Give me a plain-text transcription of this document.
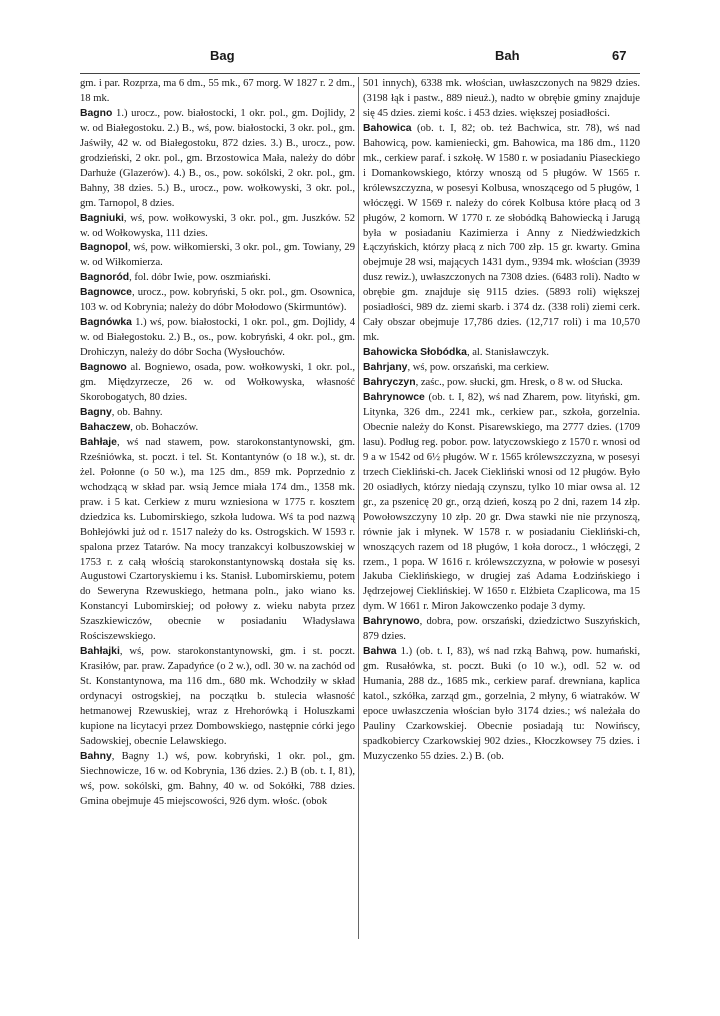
Bag	Bah	67

gm. i par. Rozprza, ma 6 dm., 55 mk., 67 morg. W 1827 r. 2 dm., 18 mk.

Bagno 1.) urocz., pow. białostocki, 1 okr. pol., gm. Dojlidy, 2 w. od Białegostoku. 2.) B., wś, pow. białostocki, 3 okr. pol., gm. Jaświły, 42 w. od Białegostoku, 872 dzies. 3.) B., urocz., pow. grodzieński, 2 okr. pol., gm. Brzostowica Mała, należy do dóbr Darhuże (Glazerów). 4.) B., os., pow. sokólski, 2 okr. pol., gm. Bahny, 38 dzies. 5.) B., urocz., pow. wołkowyski, 3 okr. pol., gm. Tarnopol, 8 dzies.

Bagniuki, wś, pow. wołkowyski, 3 okr. pol., gm. Juszków. 52 w. od Wołkowyska, 111 dzies.

Bagnopol, wś, pow. wiłkomierski, 3 okr. pol., gm. Towiany, 29 w. od Wiłkomierza.

Bagnoród, fol. dóbr Iwie, pow. oszmiański.

Bagnowce, urocz., pow. kobryński, 5 okr. pol., gm. Osownica, 103 w. od Kobrynia; należy do dóbr Mołodowo (Skirmuntów).

Bagnówka 1.) wś, pow. białostocki, 1 okr. pol., gm. Dojlidy, 4 w. od Białegostoku. 2.) B., os., pow. kobryński, 4 okr. pol., gm. Drohiczyn, należy do dóbr Socha (Wysłouchów.

Bagnowo al. Bogniewo, osada, pow. wołkowyski, 1 okr. pol., gm. Międzyrzecze, 26 w. od Wołkowyska, własność Skorobogatych, 80 dzies.

Bagny, ob. Bahny.

Bahaczew, ob. Bohaczów.

Bahłaje, wś nad stawem, pow. starokonstantynowski, gm. Rześniówka, st. poczt. i tel. St. Kontantynów (o 18 w.), st. dr. żel. Połonne (o 50 w.), ma 125 dm., 859 mk. Poprzednio z wchodzącą w skład par. wsią Jemce miała 174 dm., 1358 mk. praw. i 5 kat. Cerkiew z muru wzniesiona w 1775 r. kosztem dziedzica ks. Lubomirskiego, szkoła ludowa. Wś ta pod nazwą Bohłejówki już od r. 1517 należy do ks. Ostrogskich. W 1593 r. spalona przez Tatarów. Na mocy tranzakcyi kolbuszowskiej w 1753 r. z całą włością starokonstantynowską dostała się ks. Augustowi Czartoryskiemu i ks. Stanisł. Lubomirskiemu, potem do Seweryna Rzewuskiego, hetmana poln., jako wiano ks. Konstancyi Lubomirskiej; od połowy z. wieku nabyta przez Szaszkiewiczów, obecnie w posiadaniu Władysława Rościszewskiego.

Bahłajki, wś, pow. starokonstantynowski, gm. i st. poczt. Krasiłów, par. praw. Zapadyńce (o 2 w.), odl. 30 w. na zachód od St. Konstantynowa, ma 116 dm., 680 mk. Wchodziły w skład ordynacyi ostrogskiej, na początku b. stulecia własność hetmanowej Rzewuskiej, wraz z Hrehorówką i Holuszkami kupione na licytacyi przez Dombowskiego, następnie córki jego Sadowskiej, obecnie Lelawskiego.

Bahny, Bagny 1.) wś, pow. kobryński, 1 okr. pol., gm. Siechnowicze, 16 w. od Kobrynia, 136 dzies. 2.) B (ob. t. I, 81), wś, pow. sokólski, gm. Bahny, 40 w. od Sokółki, 788 dzies. Gmina obejmuje 45 miejscowości, 926 dym. włośc. (obok

501 innych), 6338 mk. włościan, uwłaszczonych na 9829 dzies. (3198 łąk i pastw., 889 nieuż.), nadto w obrębie gminy znajduje się 45 dzies. ziemi kośc. i 453 dzies. większej posiadłości.

Bahowica (ob. t. I, 82; ob. też Bachwica, str. 78), wś nad Bahowicą, pow. kamieniecki, gm. Bahowica, ma 186 dm., 1120 mk., cerkiew paraf. i szkołę. W 1580 r. w posiadaniu Piaseckiego i Domankowskiego, którzy wnoszą od 5 pługów. W 1565 r. królewszczyzna, w posesyi Kolbusa, wnoszącego od 5 pługów, 1 włóczęgi. W 1569 r. należy do córek Kolbusa które płacą od 3 pługów, 2 komorn. W 1770 r. ze słobódką Bahowiecką i Jarugą była w posiadaniu Kazimierza i Anny z Niedźwiedzkich Łączyńskich, którzy płacą z nich 700 złp. 15 gr. kwarty. Gmina obejmuje 28 wsi, mających 1431 dym., 9394 mk. włościan (3939 dusz rewiz.), uwłaszczonych na 7308 dzies. (6483 roli). Nadto w obrębie gm. znajduje się 9115 dzies. (5893 roli) większej posiadłości, 989 dz. ziemi skarb. i 374 dz. (338 roli) ziemi cerk. Cały obszar obejmuje 17,786 dzies. (12,717 roli) i ma 10,570 mk.

Bahowicka Słobódka, al. Stanisławczyk.

Bahrjany, wś, pow. orszański, ma cerkiew.

Bahryczyn, zaśc., pow. słucki, gm. Hresk, o 8 w. od Słucka.

Bahrynowce (ob. t. I, 82), wś nad Zharem, pow. lityński, gm. Litynka, 326 dm., 2241 mk., cerkiew par., szkoła, gorzelnia. Obecnie należy do Konst. Pisarewskiego, ma 2777 dzies. (1709 lasu). Podług reg. pobor. pow. latyczowskiego z 1570 r. wnosi od 9 a w 1542 od 6½ pługów. W r. 1565 królewszczyzna, w posesyi trzech Ciekliński-ch. Jacek Cieklińskі wnosi od 12 pługów. Było 20 osiadłych, którzy niedają czynszu, tylko 10 miar owsa al. 12 gr., za pszenicę 20 gr., orzą dzień, koszą po 2 dni, razem 14 złp. Powołowszczyny 10 złp. 20 gr. Dwa stawki nie nie przynoszą, równie jak i młynek. W 1578 r. w posiadaniu Ciekliński-ch, wnoszących razem od 18 pługów, 1 koła dorocz., 1 włóczęgi, 2 rzem., 1 popa. W 1616 r. królewszczyzna, w połowie w posesyi Jakuba Cieklińskiego, w drugiej zaś Adama Łodzińskiego i Jędrzejowej Cieklińskiej. W 1650 r. Elżbieta Czaplicowa, ma 15 dym. W 1661 r. Miron Jakowczenko podaje 3 dymy.

Bahrynowo, dobra, pow. orszański, dziedzictwo Suszyńskich, 879 dzies.

Bahwa 1.) (ob. t. I, 83), wś nad rzką Bahwą, pow. humański, gm. Rusałówka, st. poczt. Buki (o 10 w.), odl. 52 w. od Humania, 288 dz., 1685 mk., cerkiew paraf. drewniana, kaplica katol., szkółka, zarząd gm., gorzelnia, 2 młyny, 6 wiatraków. W epoce uwłaszczenia włościan było 3174 dzies.; wś należała do Pauliny Czarkowskiej. Obecnie posiadają tu: Nowińscy, spadkobiercy Czarkowskiej 902 dzies., Kłoczkowsey 75 dzies. i Muzyczenko 55 dzies. 2.) B. (ob.
